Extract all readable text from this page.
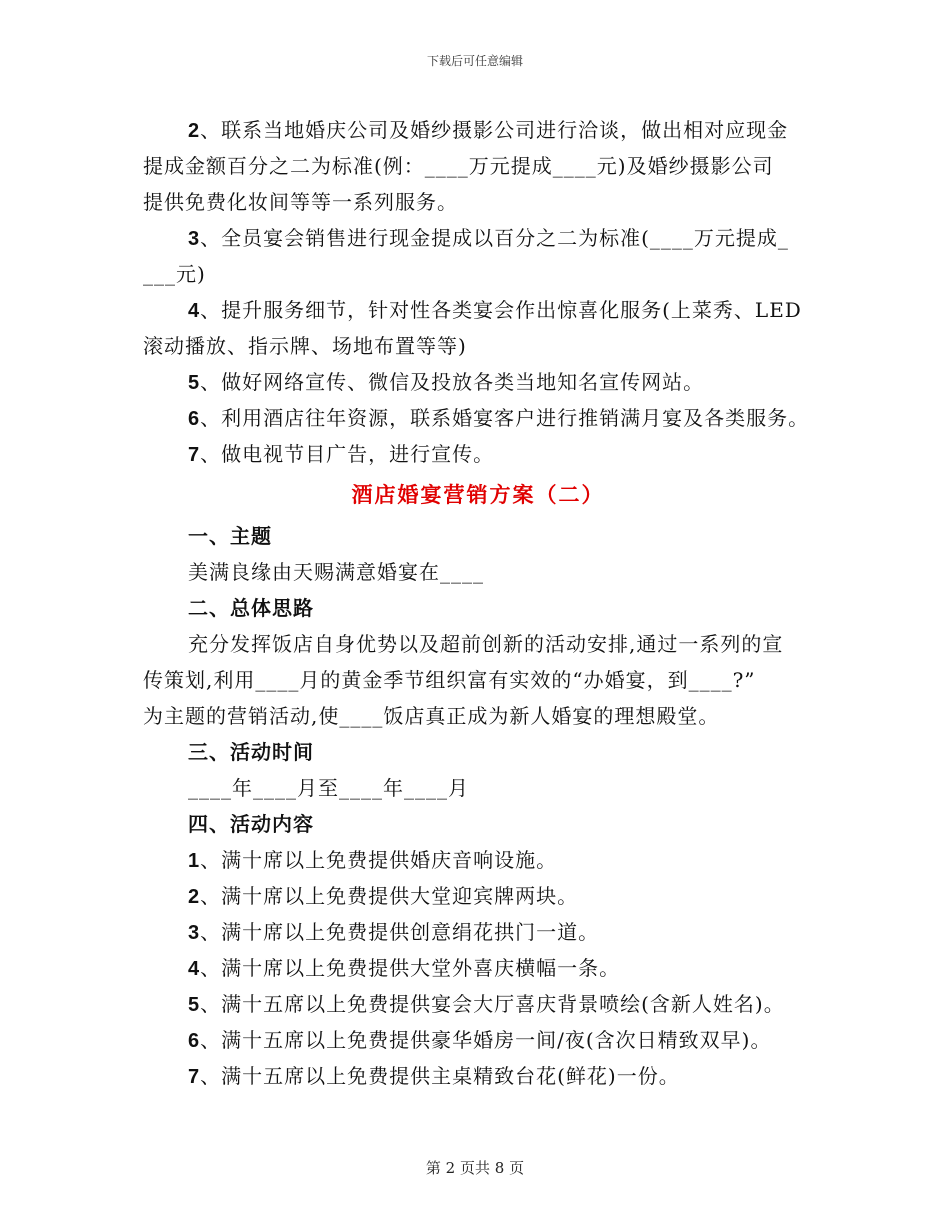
下载后可任意编辑
2、联系当地婚庆公司及婚纱摄影公司进行洽谈，做出相对应现金
提成金额百分之二为标准(例：____万元提成____元)及婚纱摄影公司
提供免费化妆间等等一系列服务。
3、全员宴会销售进行现金提成以百分之二为标准(____万元提成_
___元)
4、提升服务细节，针对性各类宴会作出惊喜化服务(上菜秀、LED
滚动播放、指示牌、场地布置等等)
5、做好网络宣传、微信及投放各类当地知名宣传网站。
6、利用酒店往年资源，联系婚宴客户进行推销满月宴及各类服务。
7、做电视节目广告，进行宣传。
酒店婚宴营销方案（二）
一、主题
美满良缘由天赐满意婚宴在____
二、总体思路
充分发挥饭店自身优势以及超前创新的活动安排,通过一系列的宣
传策划,利用____月的黄金季节组织富有实效的“办婚宴，到____?”
为主题的营销活动,使____饭店真正成为新人婚宴的理想殿堂。
三、活动时间
____年____月至____年____月
四、活动内容
1、满十席以上免费提供婚庆音响设施。
2、满十席以上免费提供大堂迎宾牌两块。
3、满十席以上免费提供创意绢花拱门一道。
4、满十席以上免费提供大堂外喜庆横幅一条。
5、满十五席以上免费提供宴会大厅喜庆背景喷绘(含新人姓名)。
6、满十五席以上免费提供豪华婚房一间/夜(含次日精致双早)。
7、满十五席以上免费提供主桌精致台花(鲜花)一份。
第 2 页共 8 页
